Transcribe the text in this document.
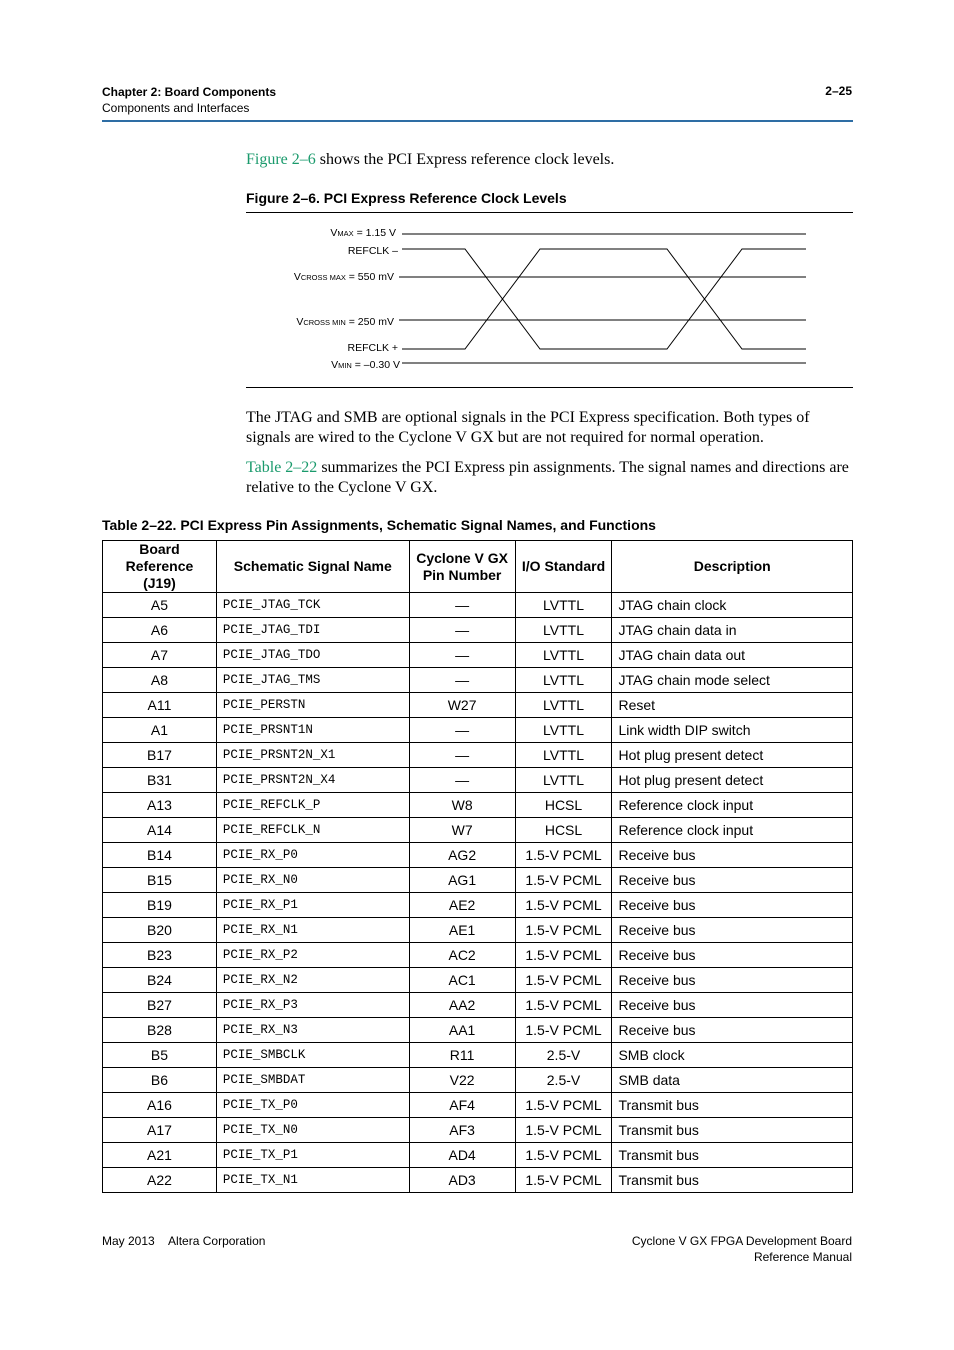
Chapter 2: Board Components
Components and Interfaces
2–25
Figure 2–6 shows the PCI Express reference clock levels.
Figure 2–6. PCI Express Reference Clock Levels
VMAX = 1.15 V
REFCLK –
VCROSS MAX = 550 mV
VCROSS MIN = 250 mV
REFCLK +
VMIN = –0.30 V
The JTAG and SMB are optional signals in the PCI Express specification. Both types of signals are wired to the Cyclone V GX but are not required for normal operation.
Table 2–22 summarizes the PCI Express pin assignments. The signal names and directions are relative to the Cyclone V GX.
Table 2–22. PCI Express Pin Assignments, Schematic Signal Names, and Functions
Board Reference (J19)	Schematic Signal Name	Cyclone V GX Pin Number	I/O Standard	Description
A5	PCIE_JTAG_TCK	—	LVTTL	JTAG chain clock
A6	PCIE_JTAG_TDI	—	LVTTL	JTAG chain data in
A7	PCIE_JTAG_TDO	—	LVTTL	JTAG chain data out
A8	PCIE_JTAG_TMS	—	LVTTL	JTAG chain mode select
A11	PCIE_PERSTN	W27	LVTTL	Reset
A1	PCIE_PRSNT1N	—	LVTTL	Link width DIP switch
B17	PCIE_PRSNT2N_X1	—	LVTTL	Hot plug present detect
B31	PCIE_PRSNT2N_X4	—	LVTTL	Hot plug present detect
A13	PCIE_REFCLK_P	W8	HCSL	Reference clock input
A14	PCIE_REFCLK_N	W7	HCSL	Reference clock input
B14	PCIE_RX_P0	AG2	1.5-V PCML	Receive bus
B15	PCIE_RX_N0	AG1	1.5-V PCML	Receive bus
B19	PCIE_RX_P1	AE2	1.5-V PCML	Receive bus
B20	PCIE_RX_N1	AE1	1.5-V PCML	Receive bus
B23	PCIE_RX_P2	AC2	1.5-V PCML	Receive bus
B24	PCIE_RX_N2	AC1	1.5-V PCML	Receive bus
B27	PCIE_RX_P3	AA2	1.5-V PCML	Receive bus
B28	PCIE_RX_N3	AA1	1.5-V PCML	Receive bus
B5	PCIE_SMBCLK	R11	2.5-V	SMB clock
B6	PCIE_SMBDAT	V22	2.5-V	SMB data
A16	PCIE_TX_P0	AF4	1.5-V PCML	Transmit bus
A17	PCIE_TX_N0	AF3	1.5-V PCML	Transmit bus
A21	PCIE_TX_P1	AD4	1.5-V PCML	Transmit bus
A22	PCIE_TX_N1	AD3	1.5-V PCML	Transmit bus
May 2013 Altera Corporation	Cyclone V GX FPGA Development Board
Reference Manual
